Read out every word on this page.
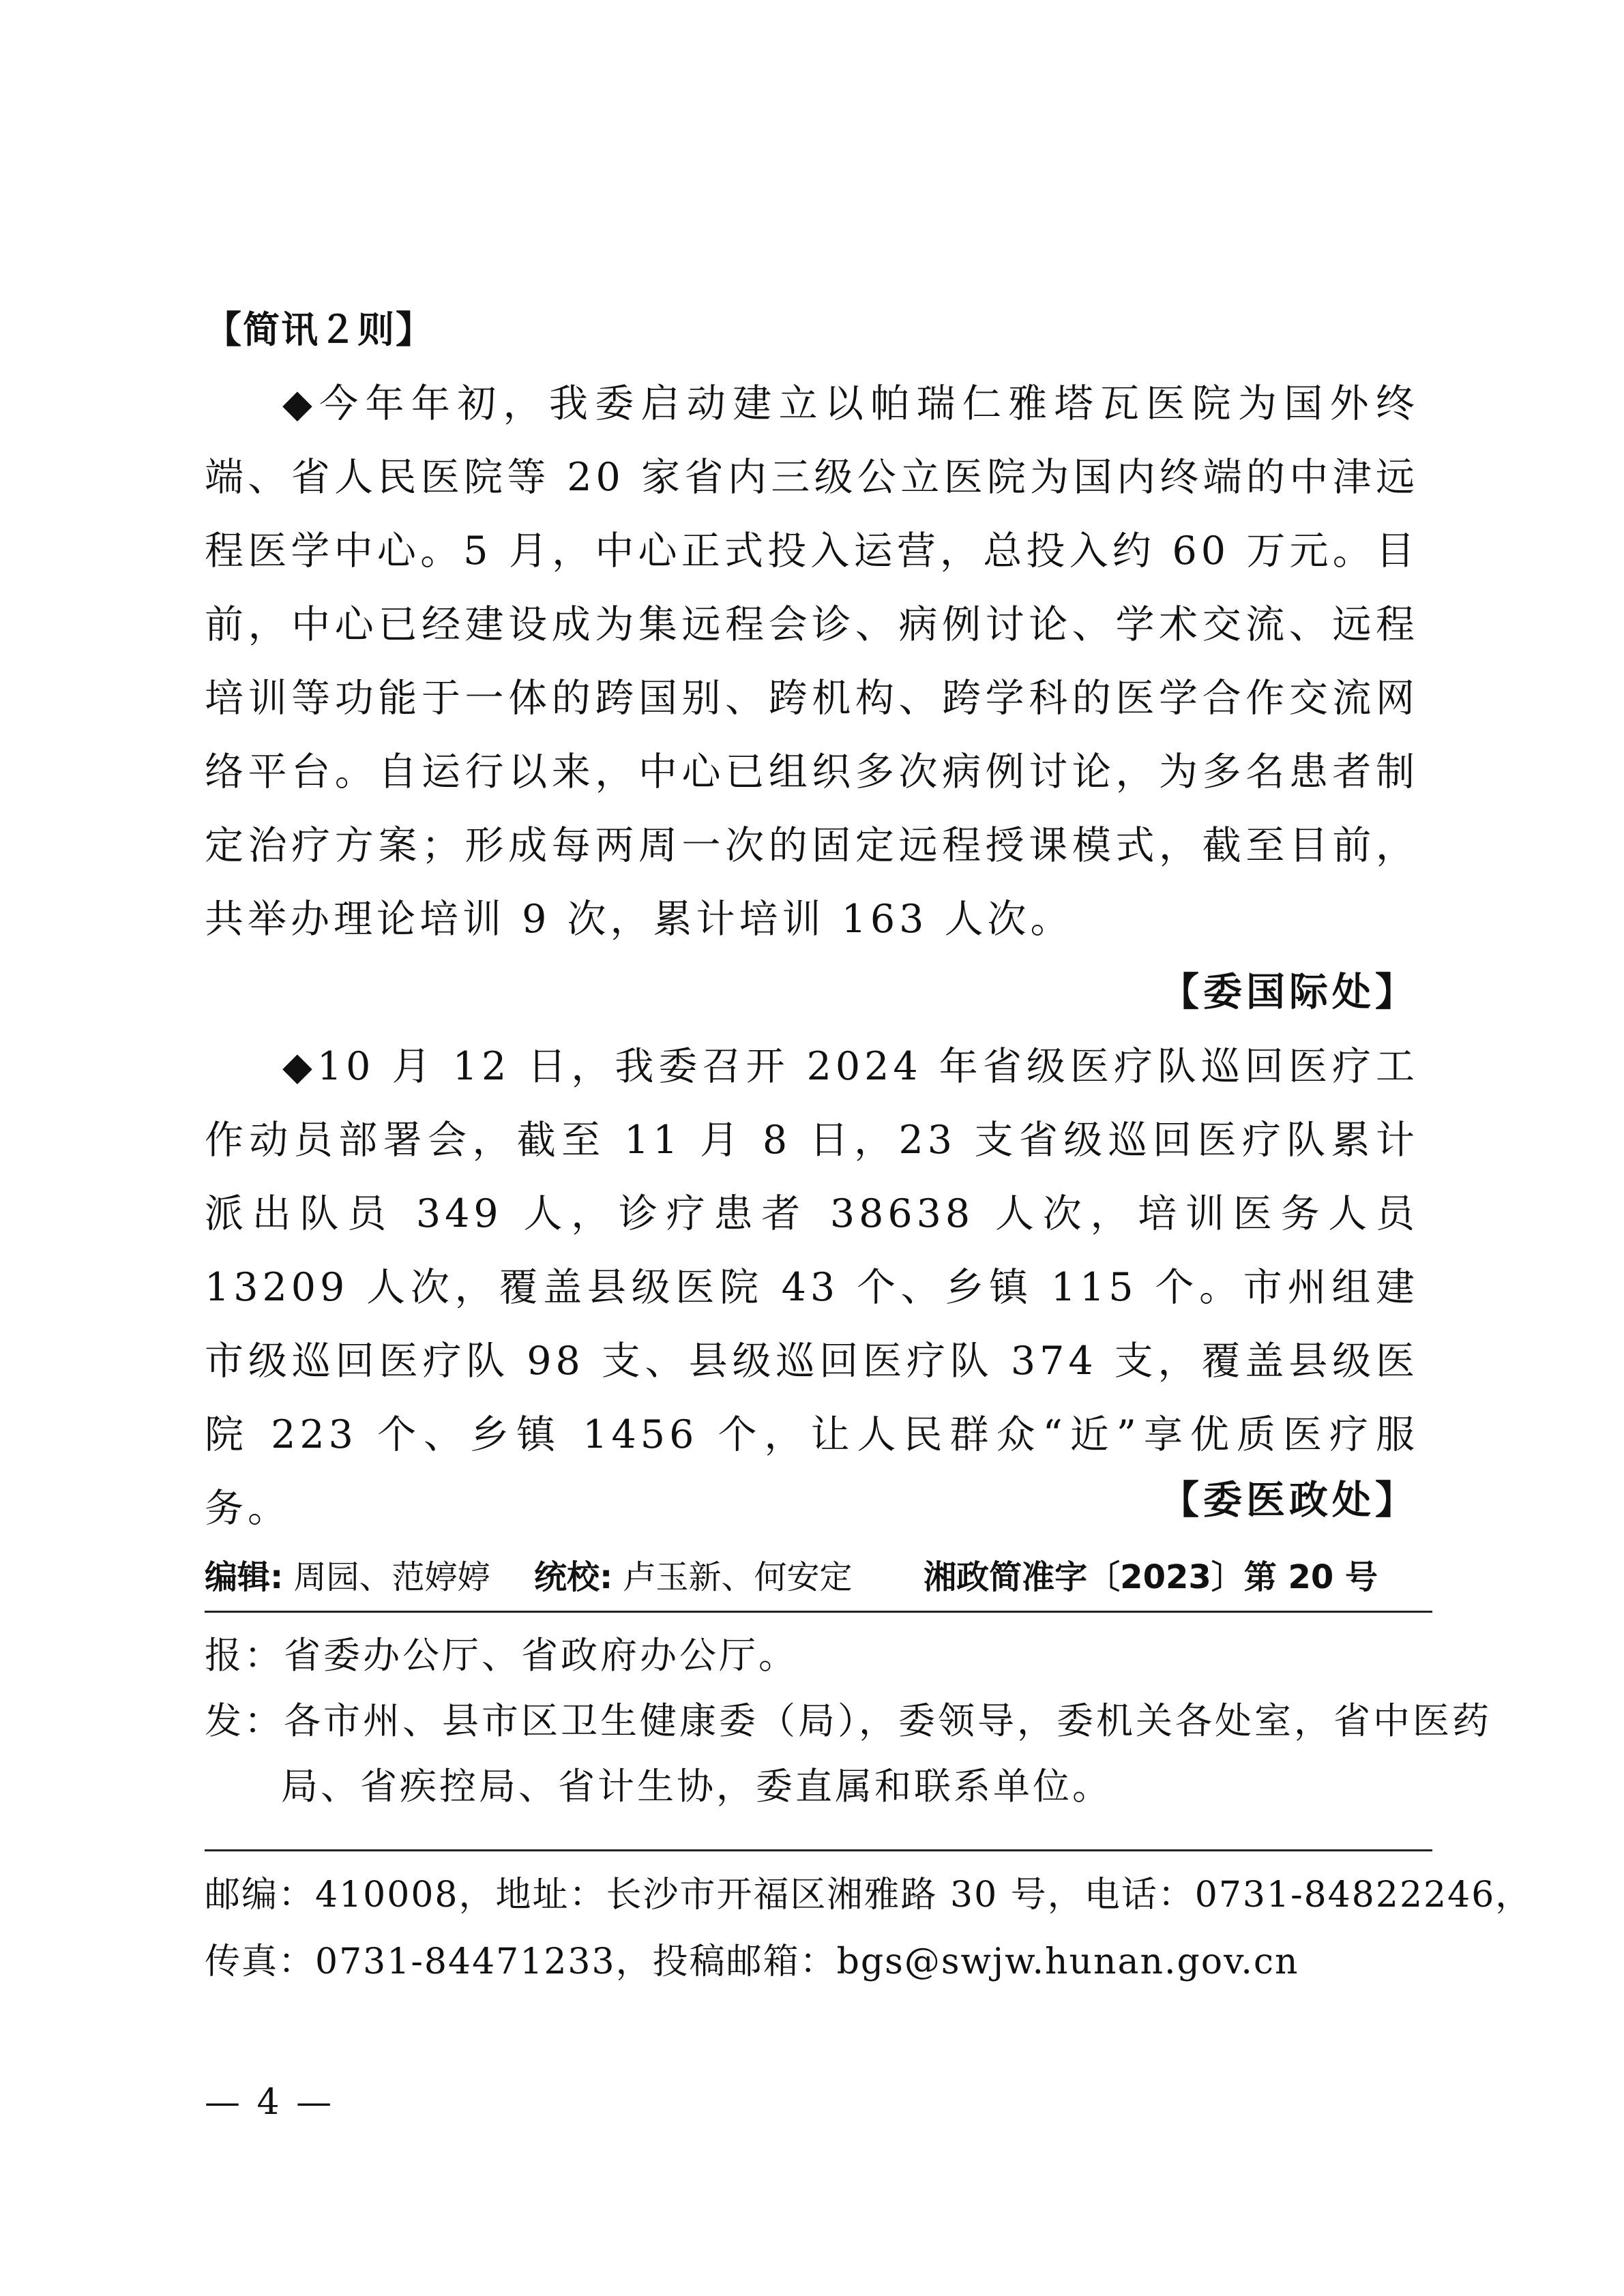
【简讯２则】

◆今年年初，我委启动建立以帕瑞仁雅塔瓦医院为国外终端、省人民医院等 20 家省内三级公立医院为国内终端的中津远程医学中心。5 月，中心正式投入运营，总投入约 60 万元。目前，中心已经建设成为集远程会诊、病例讨论、学术交流、远程培训等功能于一体的跨国别、跨机构、跨学科的医学合作交流网络平台。自运行以来，中心已组织多次病例讨论，为多名患者制定治疗方案；形成每两周一次的固定远程授课模式，截至目前，共举办理论培训 9 次，累计培训 163 人次。

【委国际处】

◆10 月 12 日，我委召开 2024 年省级医疗队巡回医疗工作动员部署会，截至 11 月 8 日，23 支省级巡回医疗队累计派出队员 349 人，诊疗患者 38638 人次，培训医务人员 13209 人次，覆盖县级医院 43 个、乡镇 115 个。市州组建市级巡回医疗队 98 支、县级巡回医疗队 374 支，覆盖县级医院 223 个、乡镇 1456 个，让人民群众“近”享优质医疗服务。	【委医政处】
编辑: 周园、范婷婷 统校: 卢玉新、何安定 湘政简准字〔2023〕第 20 号
报：省委办公厅、省政府办公厅。
发：各市州、县市区卫生健康委（局），委领导，委机关各处室，省中医药局、省疾控局、省计生协，委直属和联系单位。
邮编：410008，地址：长沙市开福区湘雅路 30 号，电话：0731-84822246，
传真：0731-84471233，投稿邮箱：bgs@swjw.hunan.gov.cn
— 4 —
